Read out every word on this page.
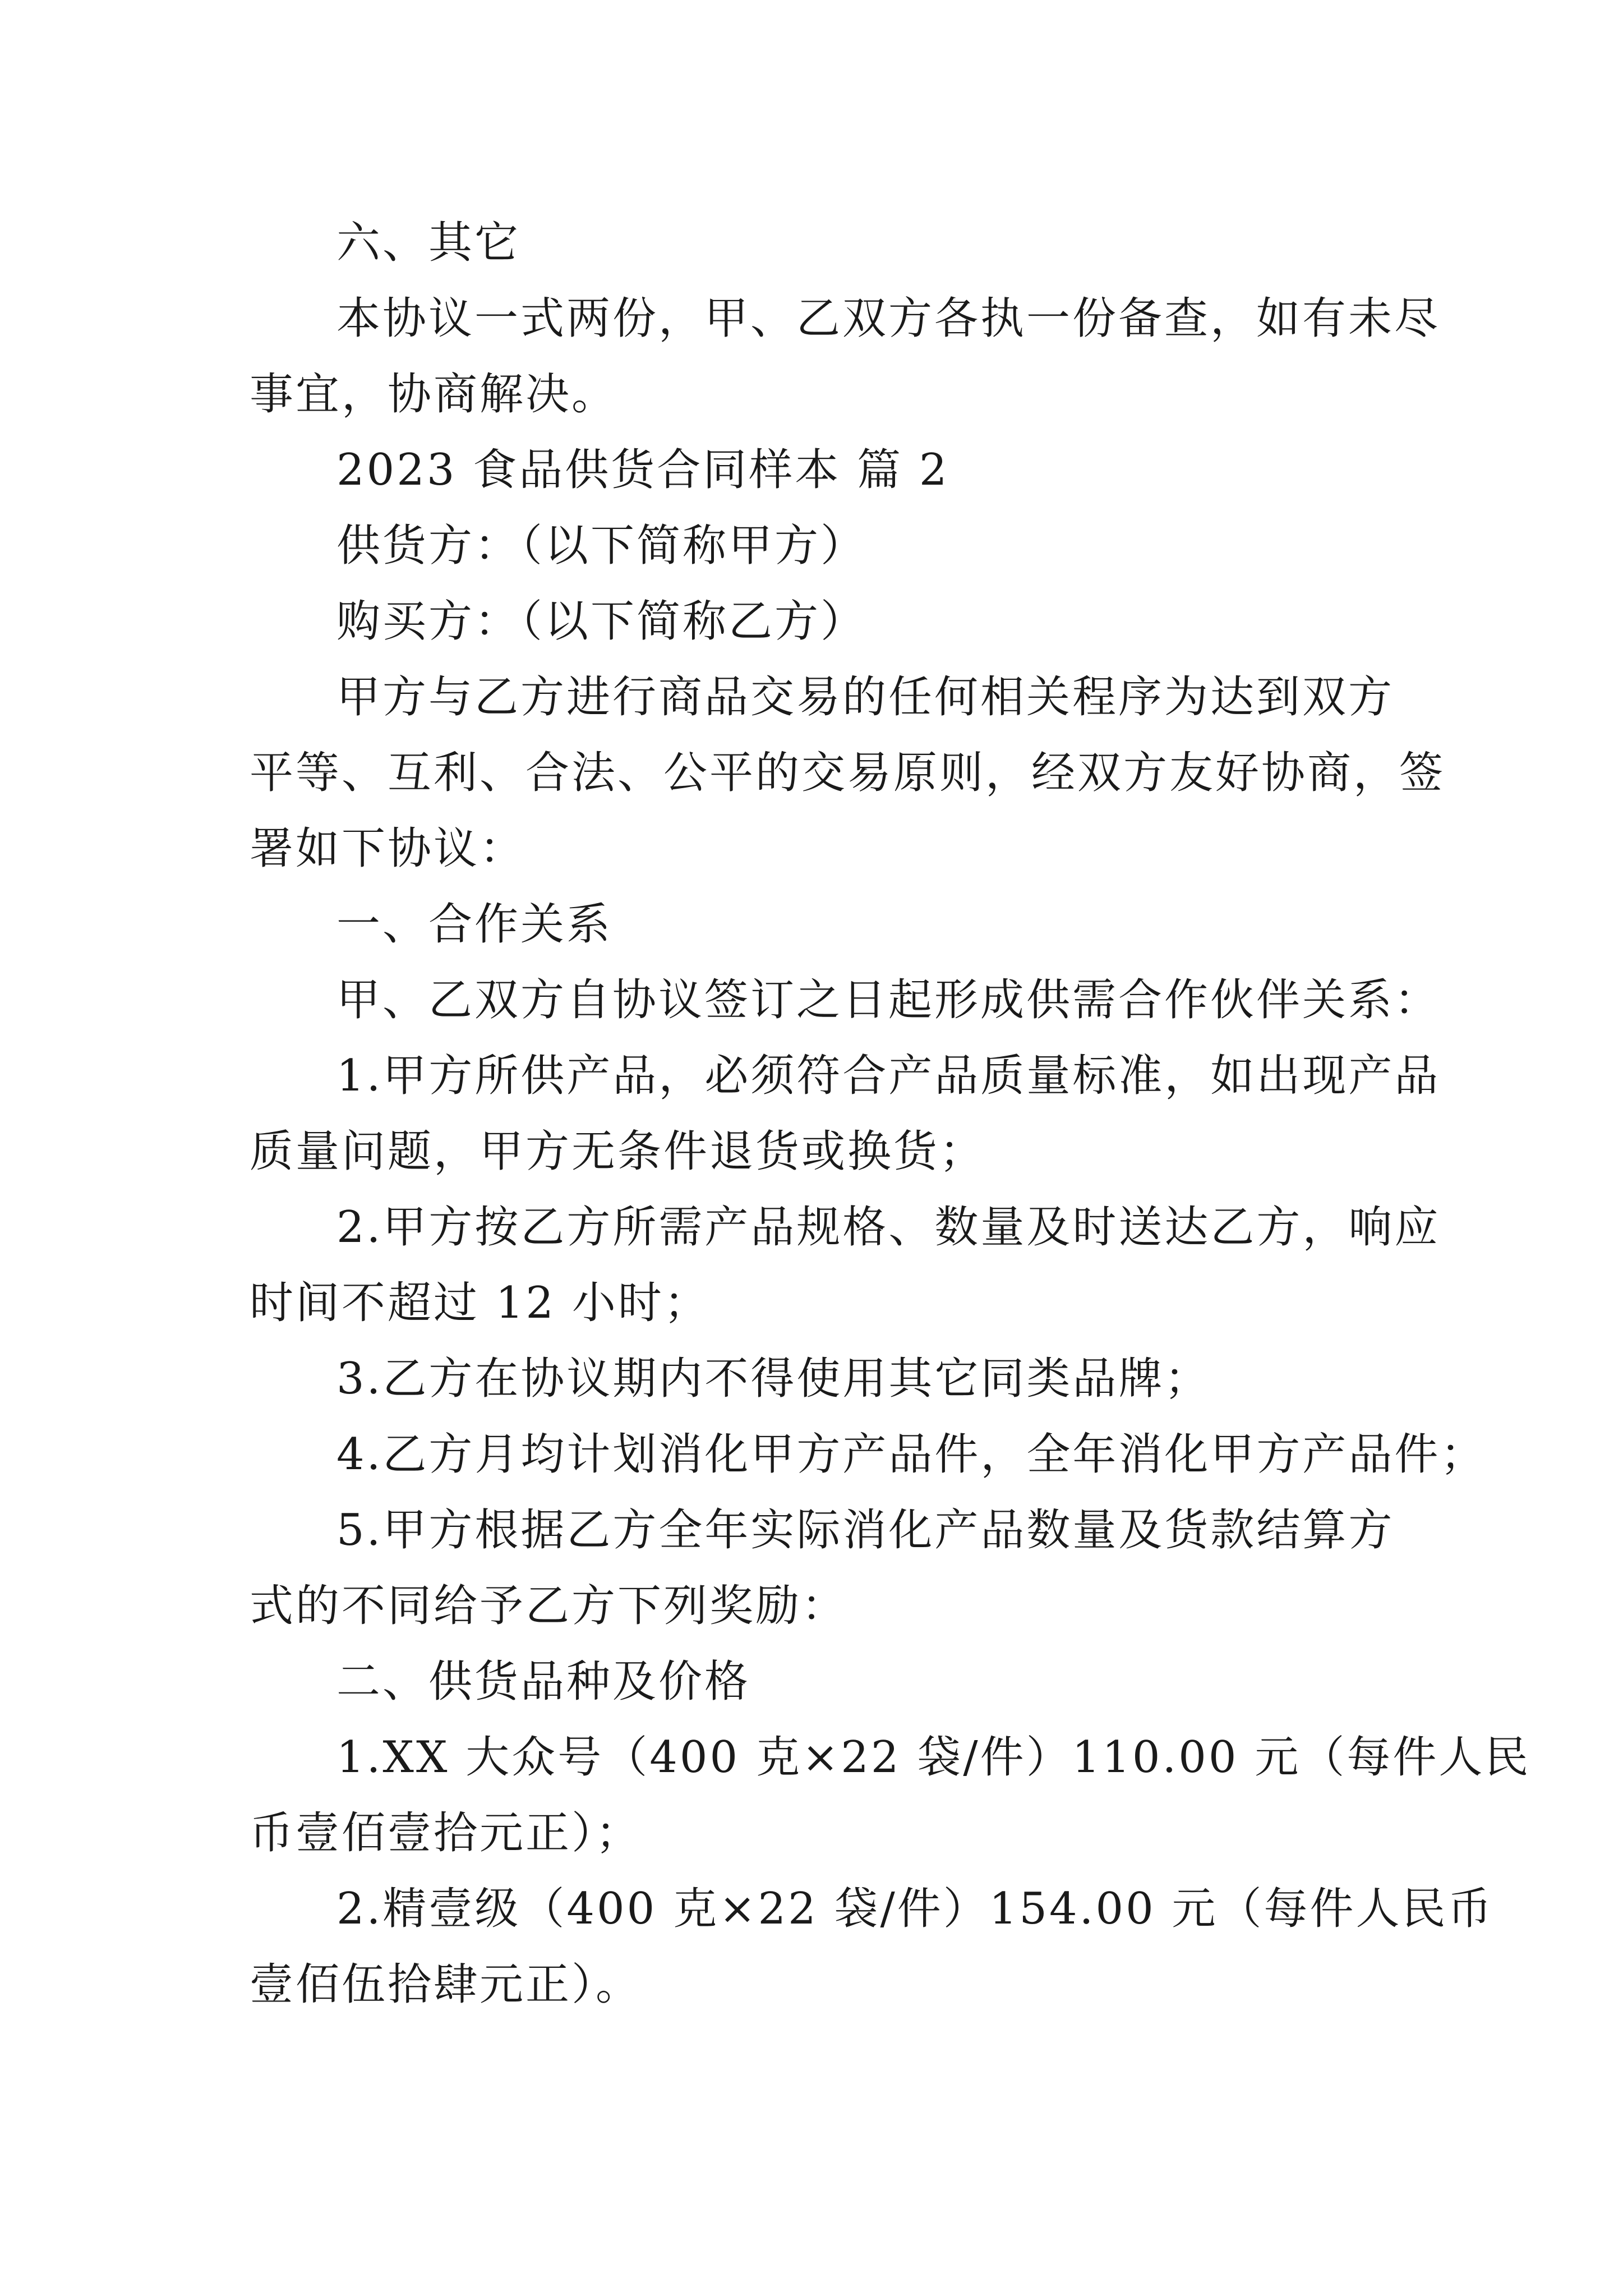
六、其它
本协议一式两份，甲、乙双方各执一份备查，如有未尽
事宜，协商解决。
2023 食品供货合同样本 篇 2
供货方：（以下简称甲方）
购买方：（以下简称乙方）
甲方与乙方进行商品交易的任何相关程序为达到双方
平等、互利、合法、公平的交易原则，经双方友好协商，签
署如下协议：
一、合作关系
甲、乙双方自协议签订之日起形成供需合作伙伴关系：
1.甲方所供产品，必须符合产品质量标准，如出现产品
质量问题，甲方无条件退货或换货；
2.甲方按乙方所需产品规格、数量及时送达乙方，响应
时间不超过 12 小时；
3.乙方在协议期内不得使用其它同类品牌；
4.乙方月均计划消化甲方产品件，全年消化甲方产品件；
5.甲方根据乙方全年实际消化产品数量及货款结算方
式的不同给予乙方下列奖励：
二、供货品种及价格
1.XX 大众号（400 克×22 袋/件）110.00 元（每件人民
币壹佰壹拾元正）；
2.精壹级（400 克×22 袋/件）154.00 元（每件人民币
壹佰伍拾肆元正）。
